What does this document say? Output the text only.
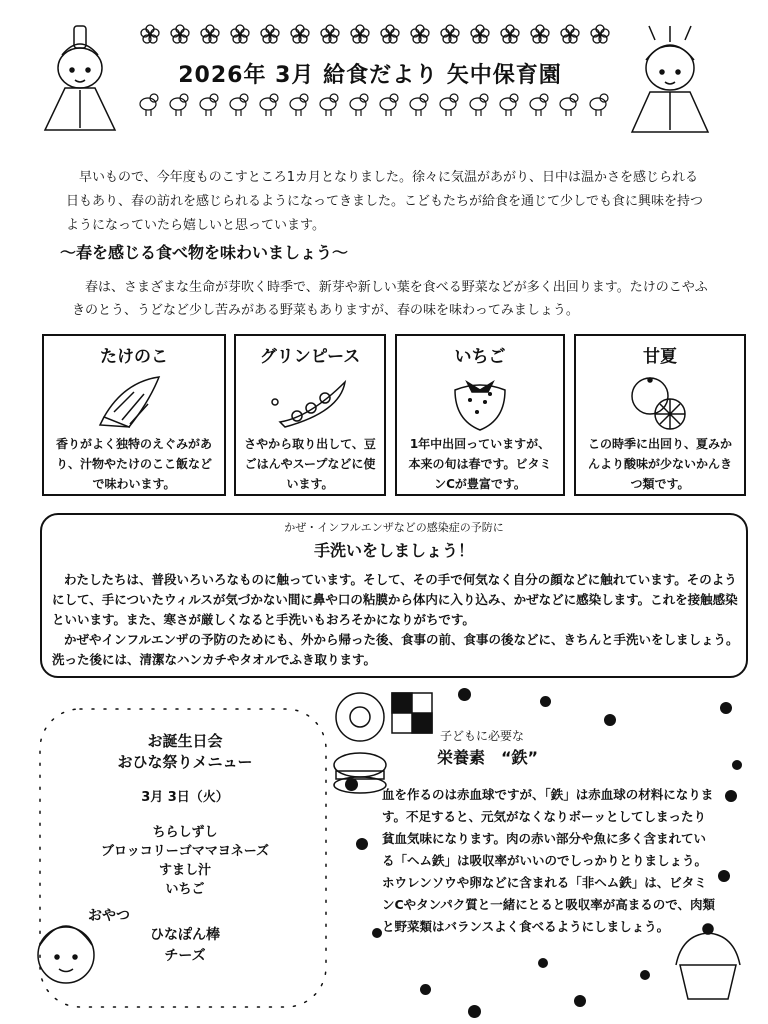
2026年 3月 給食だより 矢中保育園
早いもので、今年度ものこすところ1カ月となりました。徐々に気温があがり、日中は温かさを感じられる日もあり、春の訪れを感じられるようになってきました。こどもたちが給食を通じて少しでも食に興味を持つようになっていたら嬉しいと思っています。
～春を感じる食べ物を味わいましょう～
春は、さまざまな生命が芽吹く時季で、新芽や新しい葉を食べる野菜などが多く出回ります。たけのこやふきのとう、うどなど少し苦みがある野菜もありますが、春の味を味わってみましょう。
たけのこ

香りがよく独特のえぐみがあり、汁物やたけのここ飯などで味わいます。

グリンピース

さやから取り出して、豆ごはんやスープなどに使います。

いちご

1年中出回っていますが、本来の旬は春です。ビタミンCが豊富です。

甘夏

この時季に出回り、夏みかんより酸味が少ないかんきつ類です。

かぜ・インフルエンザなどの感染症の予防に
手洗いをしましょう！
わたしたちは、普段いろいろなものに触っています。そして、その手で何気なく自分の顔などに触れています。そのようにして、手についたウィルスが気づかない間に鼻や口の粘膜から体内に入り込み、かぜなどに感染します。これを接触感染といいます。また、寒さが厳しくなると手洗いもおろそかになりがちです。
かぜやインフルエンザの予防のためにも、外から帰った後、食事の前、食事の後などに、きちんと手洗いをしましょう。洗った後には、清潔なハンカチやタオルでふき取ります。
お誕生日会
おひな祭りメニュー
3月 3日（火）
ちらしずし
ブロッコリーゴママヨネーズ
すまし汁
いちご
おやつ
ひなぽん棒
チーズ
子どもに必要な
栄養素　“鉄”
血を作るのは赤血球ですが、「鉄」は赤血球の材料になります。不足すると、元気がなくなりボーッとしてしまったり貧血気味になります。肉の赤い部分や魚に多く含まれている「ヘム鉄」は吸収率がいいのでしっかりとりましょう。ホウレンソウや卵などに含まれる「非ヘム鉄」は、ビタミンCやタンパク質と一緒にとると吸収率が高まるので、肉類と野菜類はバランスよく食べるようにしましょう。
